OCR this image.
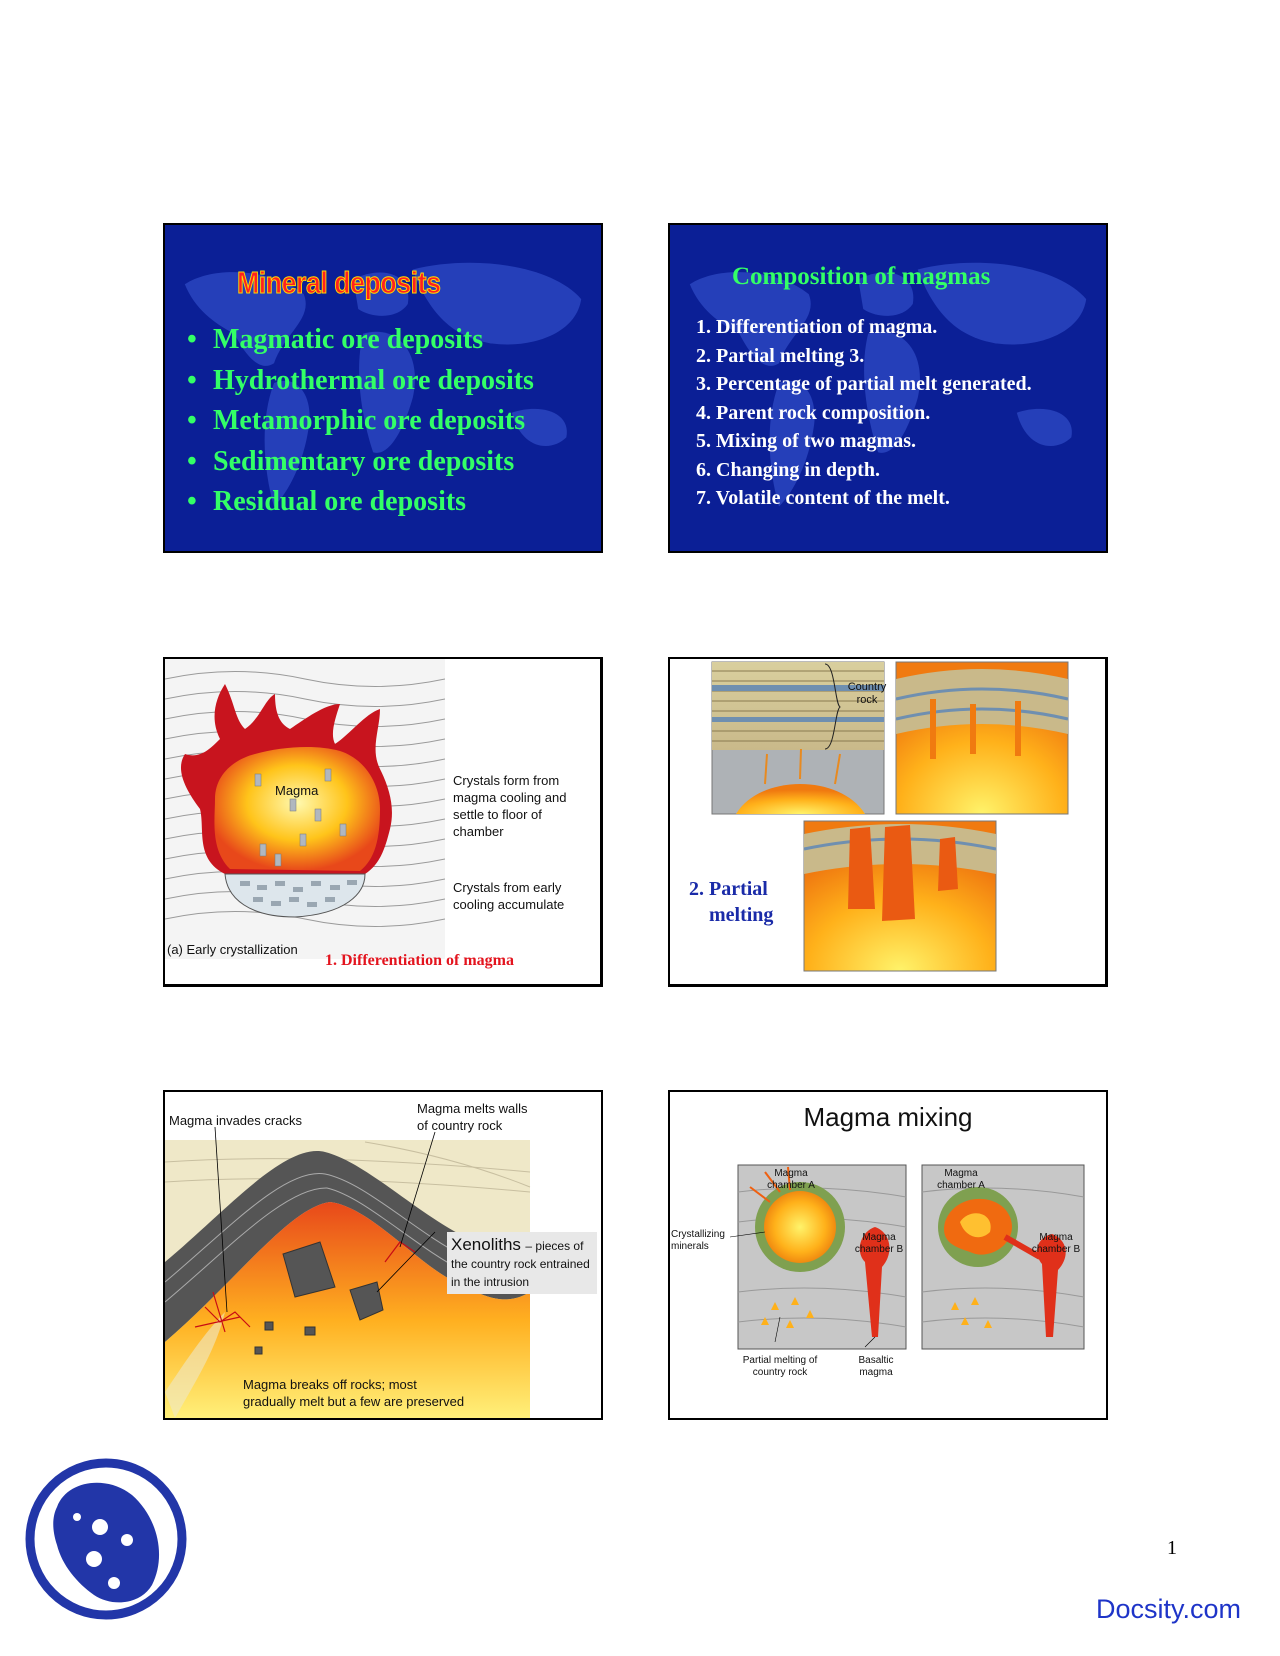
Mineral deposits
• Magmatic ore deposits
• Hydrothermal ore deposits
• Metamorphic ore deposits
• Sedimentary ore deposits
• Residual ore deposits
Composition of magmas
1. Differentiation of magma.
2. Partial melting 3.
3. Percentage of partial melt generated.
4. Parent rock composition.
5. Mixing of two magmas.
6. Changing in depth.
7. Volatile content of the melt.
Magma
Crystals form from magma cooling and settle to floor of chamber
Crystals from early cooling accumulate
(a) Early crystallization
1. Differentiation of magma
Country rock
2. Partial
melting
Magma invades cracks
Magma melts walls of country rock
Xenoliths – pieces of the country rock entrained in the intrusion
Magma breaks off rocks; most gradually melt but a few are preserved
Magma mixing
Magma chamber A
Magma chamber B
Crystallizing minerals
Partial melting of country rock
Basaltic magma
Magma chamber A
Magma chamber B
1
Docsity.com
